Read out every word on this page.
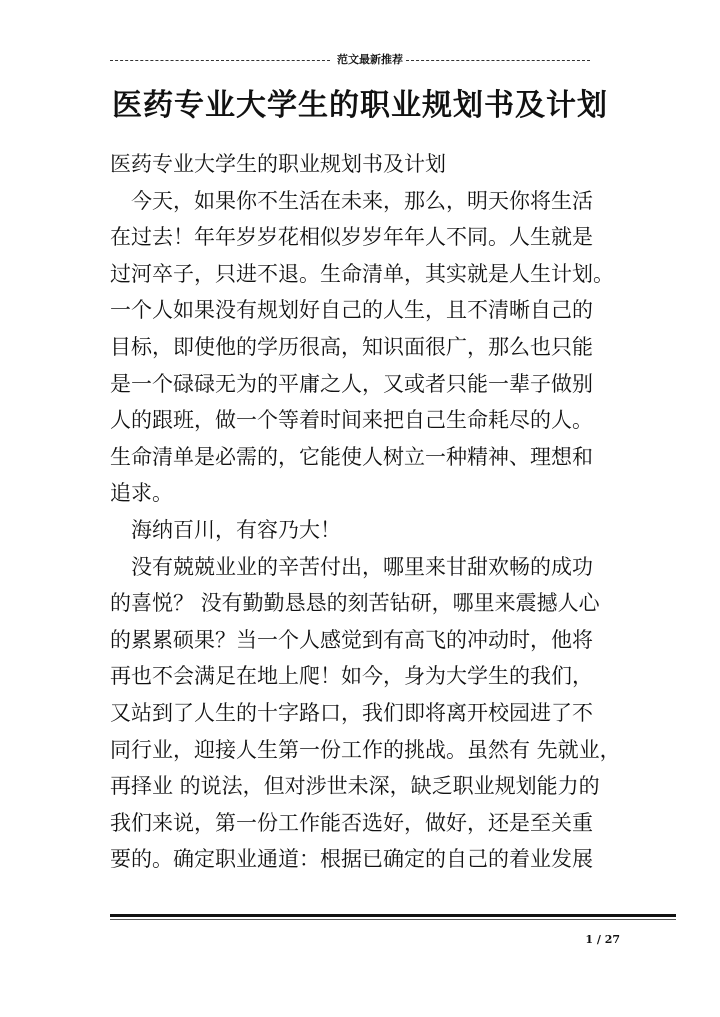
范文最新推荐
医药专业大学生的职业规划书及计划
医药专业大学生的职业规划书及计划
　今天，如果你不生活在未来，那么，明天你将生活
在过去！年年岁岁花相似岁岁年年人不同。人生就是
过河卒子，只进不退。生命清单，其实就是人生计划。
一个人如果没有规划好自己的人生，且不清晰自己的
目标，即使他的学历很高，知识面很广，那么也只能
是一个碌碌无为的平庸之人，又或者只能一辈子做别
人的跟班，做一个等着时间来把自己生命耗尽的人。
生命清单是必需的，它能使人树立一种精神、理想和
追求。
　海纳百川，有容乃大！
　没有兢兢业业的辛苦付出，哪里来甘甜欢畅的成功
的喜悦？ 没有勤勤恳恳的刻苦钻研，哪里来震撼人心
的累累硕果？当一个人感觉到有高飞的冲动时，他将
再也不会满足在地上爬！如今，身为大学生的我们，
又站到了人生的十字路口，我们即将离开校园进了不
同行业，迎接人生第一份工作的挑战。虽然有 先就业，
再择业 的说法，但对涉世未深，缺乏职业规划能力的
我们来说，第一份工作能否选好，做好，还是至关重
要的。确定职业通道：根据已确定的自己的着业发展
1 / 27
